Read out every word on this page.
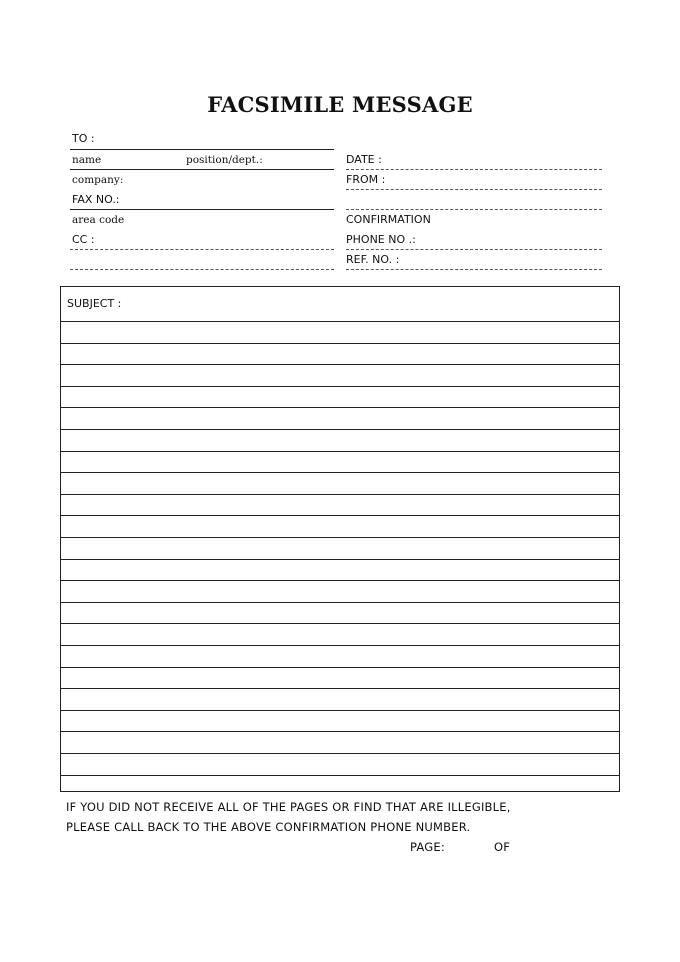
FACSIMILE MESSAGE
TO :
name	position/dept.:
company:
FAX NO.:
area code
CC :
DATE :
FROM :
CONFIRMATION
PHONE NO .:
REF. NO. :
SUBJECT :
IF YOU DID NOT RECEIVE ALL OF THE PAGES OR FIND THAT ARE ILLEGIBLE,
PLEASE CALL BACK TO THE ABOVE CONFIRMATION PHONE NUMBER.
PAGE:	OF
